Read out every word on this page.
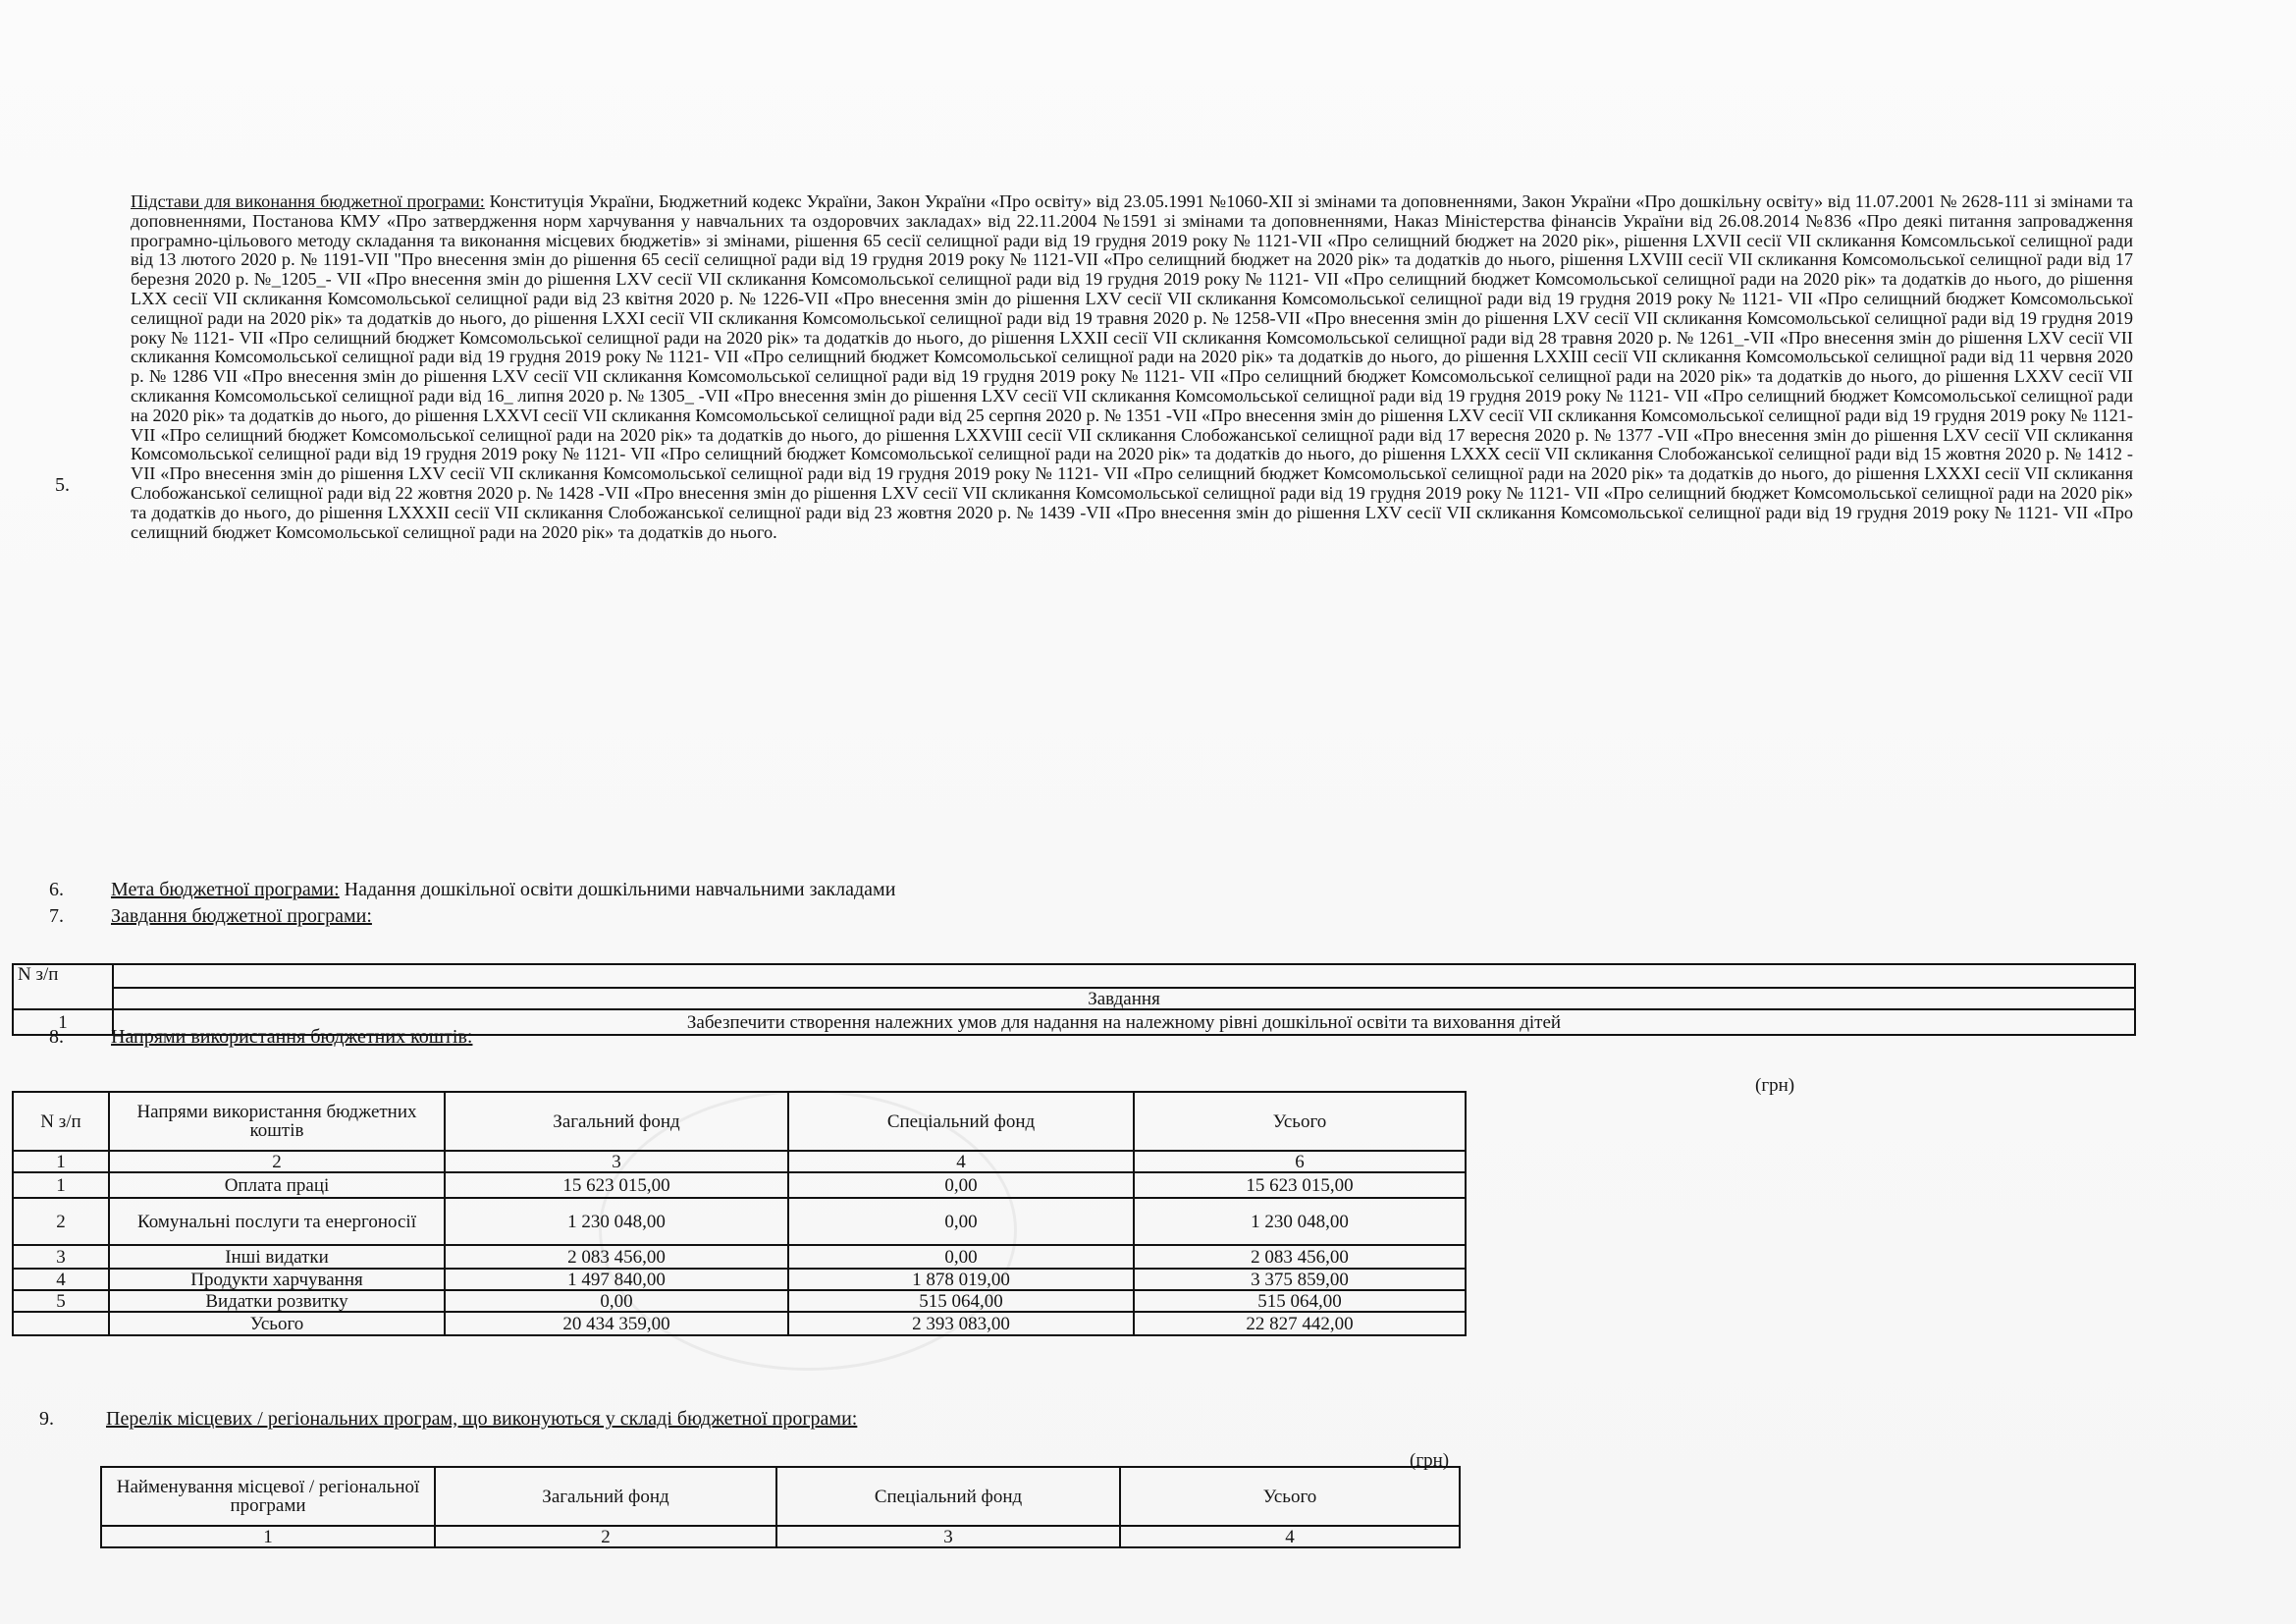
5.
Підстави для виконання бюджетної програми: Конституція України, Бюджетний кодекс України, Закон України «Про освіту» від 23.05.1991 №1060-XII зі змінами та доповненнями, Закон України «Про дошкільну освіту» від 11.07.2001 № 2628-111 зі змінами та доповненнями, Постанова КМУ «Про затвердження норм харчування у навчальних та оздоровчих закладах» від 22.11.2004 №1591 зі змінами та доповненнями, Наказ Міністерства фінансів України від 26.08.2014 №836 «Про деякі питання запровадження програмно-цільового методу складання та виконання місцевих бюджетів» зі змінами, рішення 65 сесії селищної ради від 19 грудня 2019 року № 1121-VII «Про селищний бюджет на 2020 рік», рішення LXVII сесії VII скликання Комсомльської селищної ради від 13 лютого 2020 р. № 1191-VII "Про внесення змін до рішення 65 сесії селищної ради від 19 грудня 2019 року № 1121-VII «Про селищний бюджет на 2020 рік» та додатків до нього, рішення LXVIII сесії VII скликання Комсомольської селищної ради від 17 березня 2020 р. №_1205_- VII «Про внесення змін до рішення LXV сесії VII скликання Комсомольської селищної ради від 19 грудня 2019 року № 1121- VII «Про селищний бюджет Комсомольської селищної ради на 2020 рік» та додатків до нього, до рішення LXX сесії VII скликання Комсомольської селищної ради від 23 квітня 2020 р. № 1226-VII «Про внесення змін до рішення LXV сесії VII скликання Комсомольської селищної ради від 19 грудня 2019 року № 1121- VII «Про селищний бюджет Комсомольської селищної ради на 2020 рік» та додатків до нього, до рішення LXXI сесії VII скликання Комсомольської селищної ради від 19 травня 2020 р. № 1258-VII «Про внесення змін до рішення LXV сесії VII скликання Комсомольської селищної ради від 19 грудня 2019 року № 1121- VII «Про селищний бюджет Комсомольської селищної ради на 2020 рік» та додатків до нього, до рішення LXXII сесії VII скликання Комсомольської селищної ради від 28 травня 2020 р. № 1261_-VII «Про внесення змін до рішення LXV сесії VII скликання Комсомольської селищної ради від 19 грудня 2019 року № 1121- VII «Про селищний бюджет Комсомольської селищної ради на 2020 рік» та додатків до нього, до рішення LXXIII сесії VII скликання Комсомольської селищної ради від 11 червня 2020 р. № 1286 VII «Про внесення змін до рішення LXV сесії VII скликання Комсомольської селищної ради від 19 грудня 2019 року № 1121- VII «Про селищний бюджет Комсомольської селищної ради на 2020 рік» та додатків до нього, до рішення LXXV сесії VII скликання Комсомольської селищної ради від 16_ липня 2020 р. № 1305_ -VII «Про внесення змін до рішення LXV сесії VII скликання Комсомольської селищної ради від 19 грудня 2019 року № 1121- VII «Про селищний бюджет Комсомольської селищної ради на 2020 рік» та додатків до нього, до рішення LXXVI сесії VII скликання Комсомольської селищної ради від 25 серпня 2020 р. № 1351 -VII «Про внесення змін до рішення LXV сесії VII скликання Комсомольської селищної ради від 19 грудня 2019 року № 1121- VII «Про селищний бюджет Комсомольської селищної ради на 2020 рік» та додатків до нього, до рішення LXXVIII сесії VII скликання Слобожанської селищної ради від 17 вересня 2020 р. № 1377 -VII «Про внесення змін до рішення LXV сесії VII скликання Комсомольської селищної ради від 19 грудня 2019 року № 1121- VII «Про селищний бюджет Комсомольської селищної ради на 2020 рік» та додатків до нього, до рішення LXXX сесії VII скликання Слобожанської селищної ради від 15 жовтня 2020 р. № 1412 -VII «Про внесення змін до рішення LXV сесії VII скликання Комсомольської селищної ради від 19 грудня 2019 року № 1121- VII «Про селищний бюджет Комсомольської селищної ради на 2020 рік» та додатків до нього, до рішення LXXXI сесії VII скликання Слобожанської селищної ради від 22 жовтня 2020 р. № 1428 -VII «Про внесення змін до рішення LXV сесії VII скликання Комсомольської селищної ради від 19 грудня 2019 року № 1121- VII «Про селищний бюджет Комсомольської селищної ради на 2020 рік» та додатків до нього, до рішення LXXXII сесії VII скликання Слобожанської селищної ради від 23 жовтня 2020 р. № 1439 -VII «Про внесення змін до рішення LXV сесії VII скликання Комсомольської селищної ради від 19 грудня 2019 року № 1121- VII «Про селищний бюджет Комсомольської селищної ради на 2020 рік» та додатків до нього.
6. Мета бюджетної програми: Надання дошкільної освіти дошкільними навчальними закладами
7. Завдання бюджетної програми:
N з/п	
	Завдання
1	Забезпечити створення належних умов для надання на належному рівні дошкільної освіти та виховання дітей
8. Напрями використання бюджетних коштів:
(грн)
N з/п	Напрями використання бюджетних коштів	Загальний фонд	Спеціальний фонд	Усього
1	2	3	4	6
1	Оплата праці	15 623 015,00	0,00	15 623 015,00
2	Комунальні послуги та енергоносії	1 230 048,00	0,00	1 230 048,00
3	Інші видатки	2 083 456,00	0,00	2 083 456,00
4	Продукти харчування	1 497 840,00	1 878 019,00	3 375 859,00
5	Видатки розвитку	0,00	515 064,00	515 064,00
	Усього	20 434 359,00	2 393 083,00	22 827 442,00
9.	Перелік місцевих / регіональних програм, що виконуються у складі бюджетної програми:
(грн)
Найменування місцевої / регіональної програми	Загальний фонд	Спеціальний фонд	Усього
1	2	3	4
